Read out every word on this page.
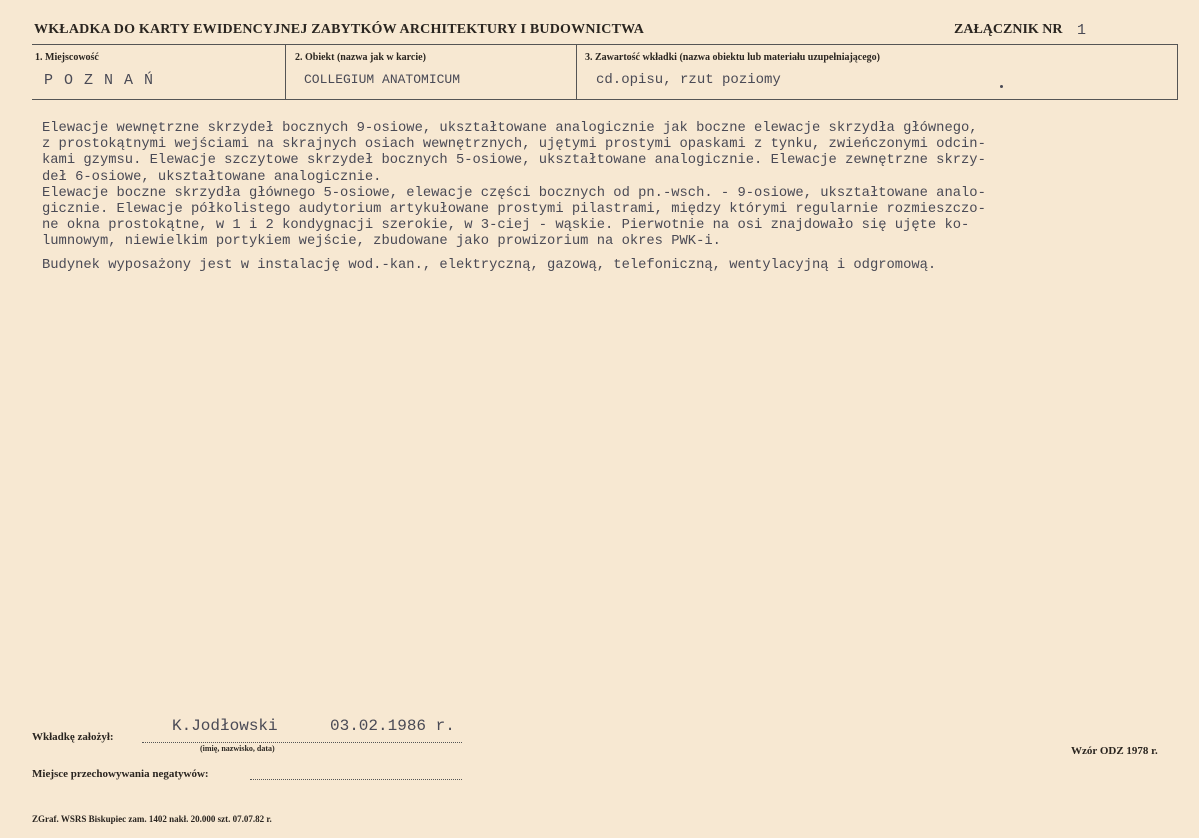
WKŁADKA DO KARTY EWIDENCYJNEJ ZABYTKÓW ARCHITEKTURY I BUDOWNICTWA	ZAŁĄCZNIK NR 1
1. Miejscowość
P O Z N A Ń
2. Obiekt (nazwa jak w karcie)
COLLEGIUM ANATOMICUM
3. Zawartość wkładki (nazwa obiektu lub materiału uzupełniającego)
cd.opisu, rzut poziomy

Elewacje wewnętrzne skrzydeł bocznych 9-osiowe, ukształtowane analogicznie jak boczne elewacje skrzydła głównego,

z prostokątnymi wejściami na skrajnych osiach wewnętrznych, ujętymi prostymi opaskami z tynku, zwieńczonymi odcin-

kami gzymsu. Elewacje szczytowe skrzydeł bocznych 5-osiowe, ukształtowane analogicznie. Elewacje zewnętrzne skrzy-

deł 6-osiowe, ukształtowane analogicznie.

Elewacje boczne skrzydła głównego 5-osiowe, elewacje części bocznych od pn.-wsch. - 9-osiowe, ukształtowane analo-

gicznie. Elewacje półkolistego audytorium artykułowane prostymi pilastrami, między którymi regularnie rozmieszczo-

ne okna prostokątne, w 1 i 2 kondygnacji szerokie, w 3-ciej - wąskie. Pierwotnie na osi znajdowało się ujęte ko-

lumnowym, niewielkim portykiem wejście, zbudowane jako prowizorium na okres PWK-i.

Budynek wyposażony jest w instalację wod.-kan., elektryczną, gazową, telefoniczną, wentylacyjną i odgromową.

Wkładkę założył:
K.Jodłowski	03.02.1986 r.
(imię, nazwisko, data)	Wzór ODZ 1978 r.
Miejsce przechowywania negatywów:
ZGraf. WSRS Biskupiec zam. 1402 nakł. 20.000 szt. 07.07.82 r.
